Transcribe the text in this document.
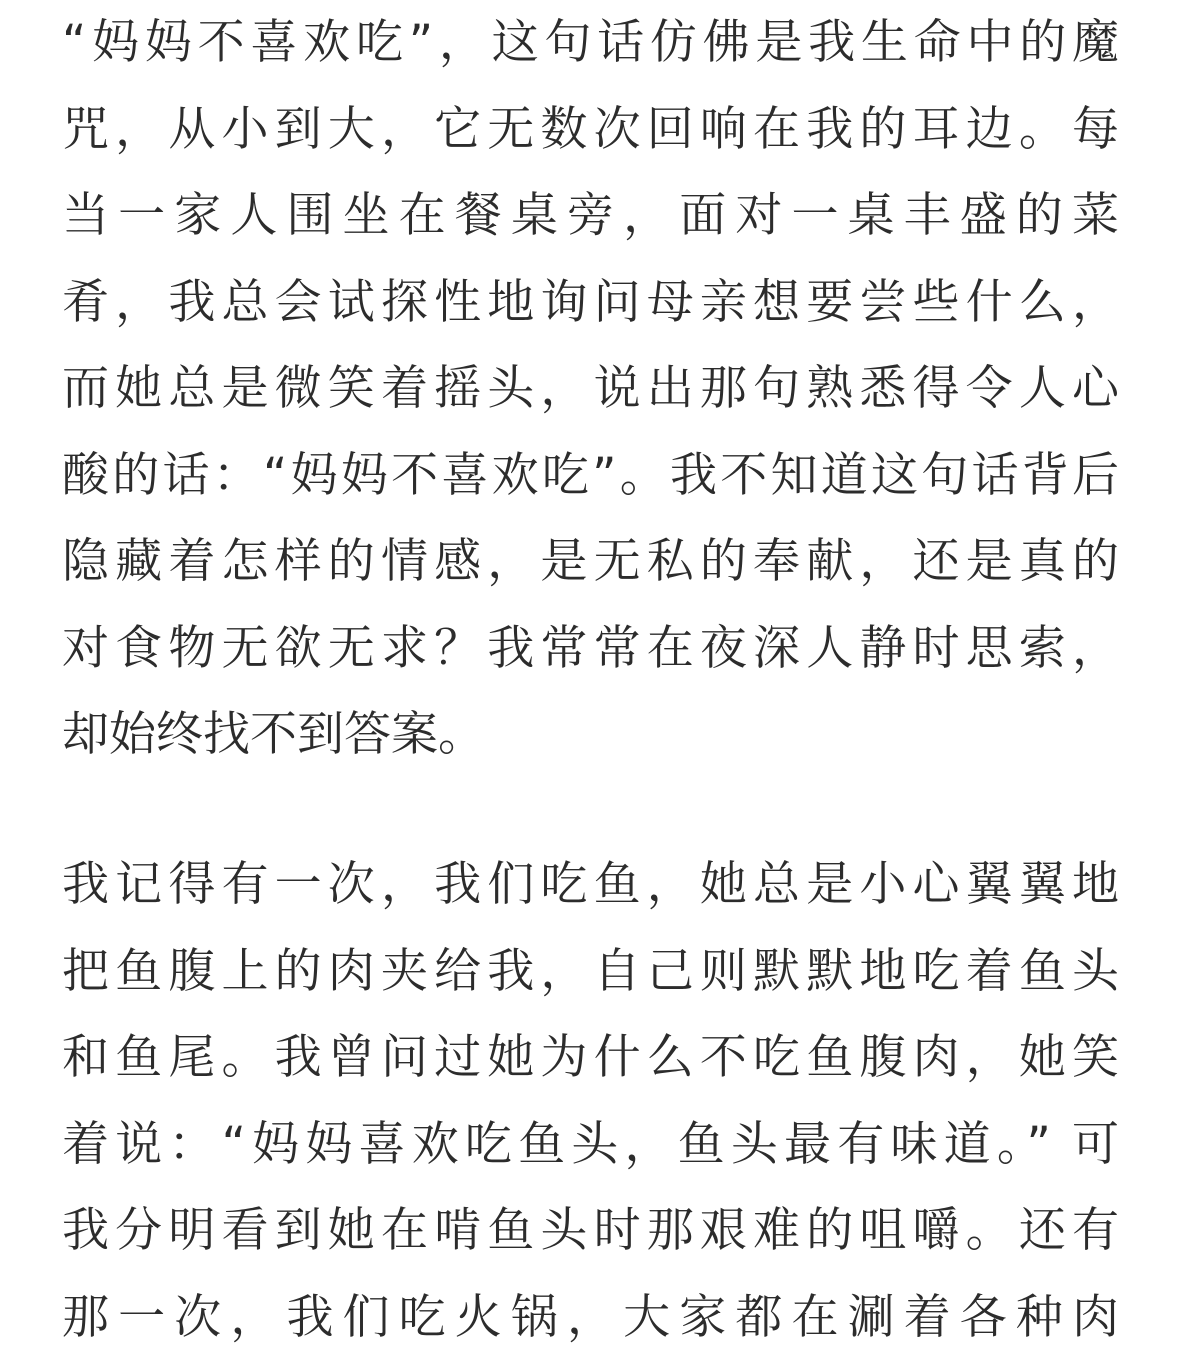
“妈妈不喜欢吃”，这句话仿佛是我生命中的魔
咒，从小到大，它无数次回响在我的耳边。每
当一家人围坐在餐桌旁，面对一桌丰盛的菜
肴，我总会试探性地询问母亲想要尝些什么，
而她总是微笑着摇头，说出那句熟悉得令人心
酸的话：“妈妈不喜欢吃”。我不知道这句话背后
隐藏着怎样的情感，是无私的奉献，还是真的
对食物无欲无求？我常常在夜深人静时思索，
却始终找不到答案。
我记得有一次，我们吃鱼，她总是小心翼翼地
把鱼腹上的肉夹给我，自己则默默地吃着鱼头
和鱼尾。我曾问过她为什么不吃鱼腹肉，她笑
着说：“妈妈喜欢吃鱼头，鱼头最有味道。” 可
我分明看到她在啃鱼头时那艰难的咀嚼。还有
那一次，我们吃火锅，大家都在涮着各种肉
